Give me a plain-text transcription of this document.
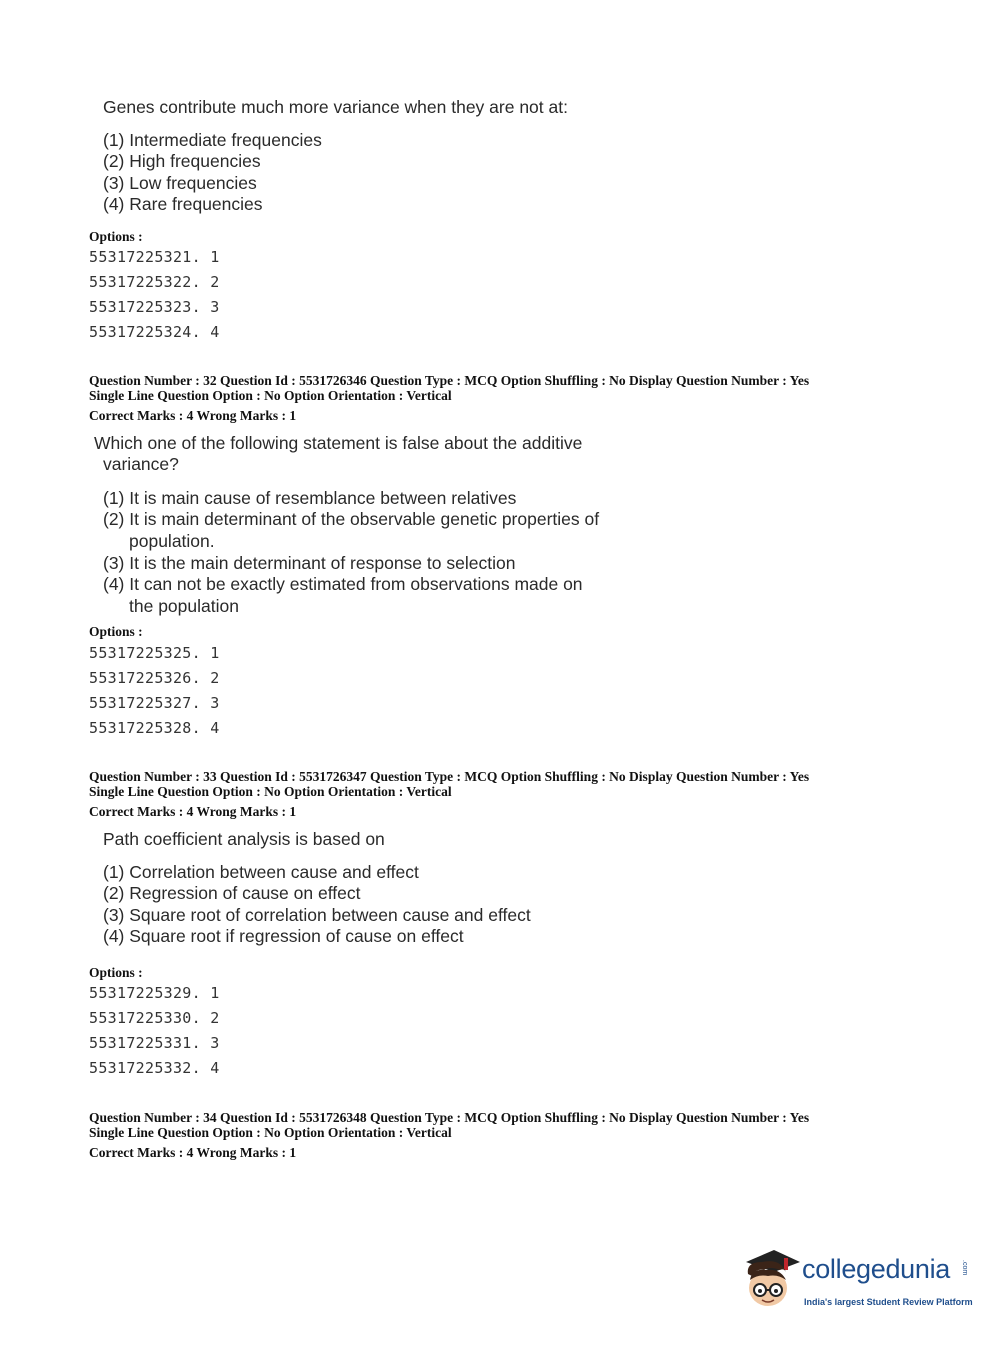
Genes contribute much more variance when they are not at:
(1) Intermediate frequencies
(2) High frequencies
(3) Low frequencies
(4) Rare frequencies
Options :
55317225321. 1
55317225322. 2
55317225323. 3
55317225324. 4
Question Number : 32 Question Id : 5531726346 Question Type : MCQ Option Shuffling : No Display Question Number : Yes
Single Line Question Option : No Option Orientation : Vertical
Correct Marks : 4 Wrong Marks : 1
Which one of the following statement is false about the additive
variance?
(1) It is main cause of resemblance between relatives
(2) It is main determinant of the observable genetic properties of
population.
(3) It is the main determinant of response to selection
(4) It can not be exactly estimated from observations made on
the population
Options :
55317225325. 1
55317225326. 2
55317225327. 3
55317225328. 4
Question Number : 33 Question Id : 5531726347 Question Type : MCQ Option Shuffling : No Display Question Number : Yes
Single Line Question Option : No Option Orientation : Vertical
Correct Marks : 4 Wrong Marks : 1
Path coefficient analysis is based on
(1) Correlation between cause and effect
(2) Regression of cause on effect
(3) Square root of correlation between cause and effect
(4) Square root if regression of cause on effect
Options :
55317225329. 1
55317225330. 2
55317225331. 3
55317225332. 4
Question Number : 34 Question Id : 5531726348 Question Type : MCQ Option Shuffling : No Display Question Number : Yes
Single Line Question Option : No Option Orientation : Vertical
Correct Marks : 4 Wrong Marks : 1
collegedunia .com
India's largest Student Review Platform
